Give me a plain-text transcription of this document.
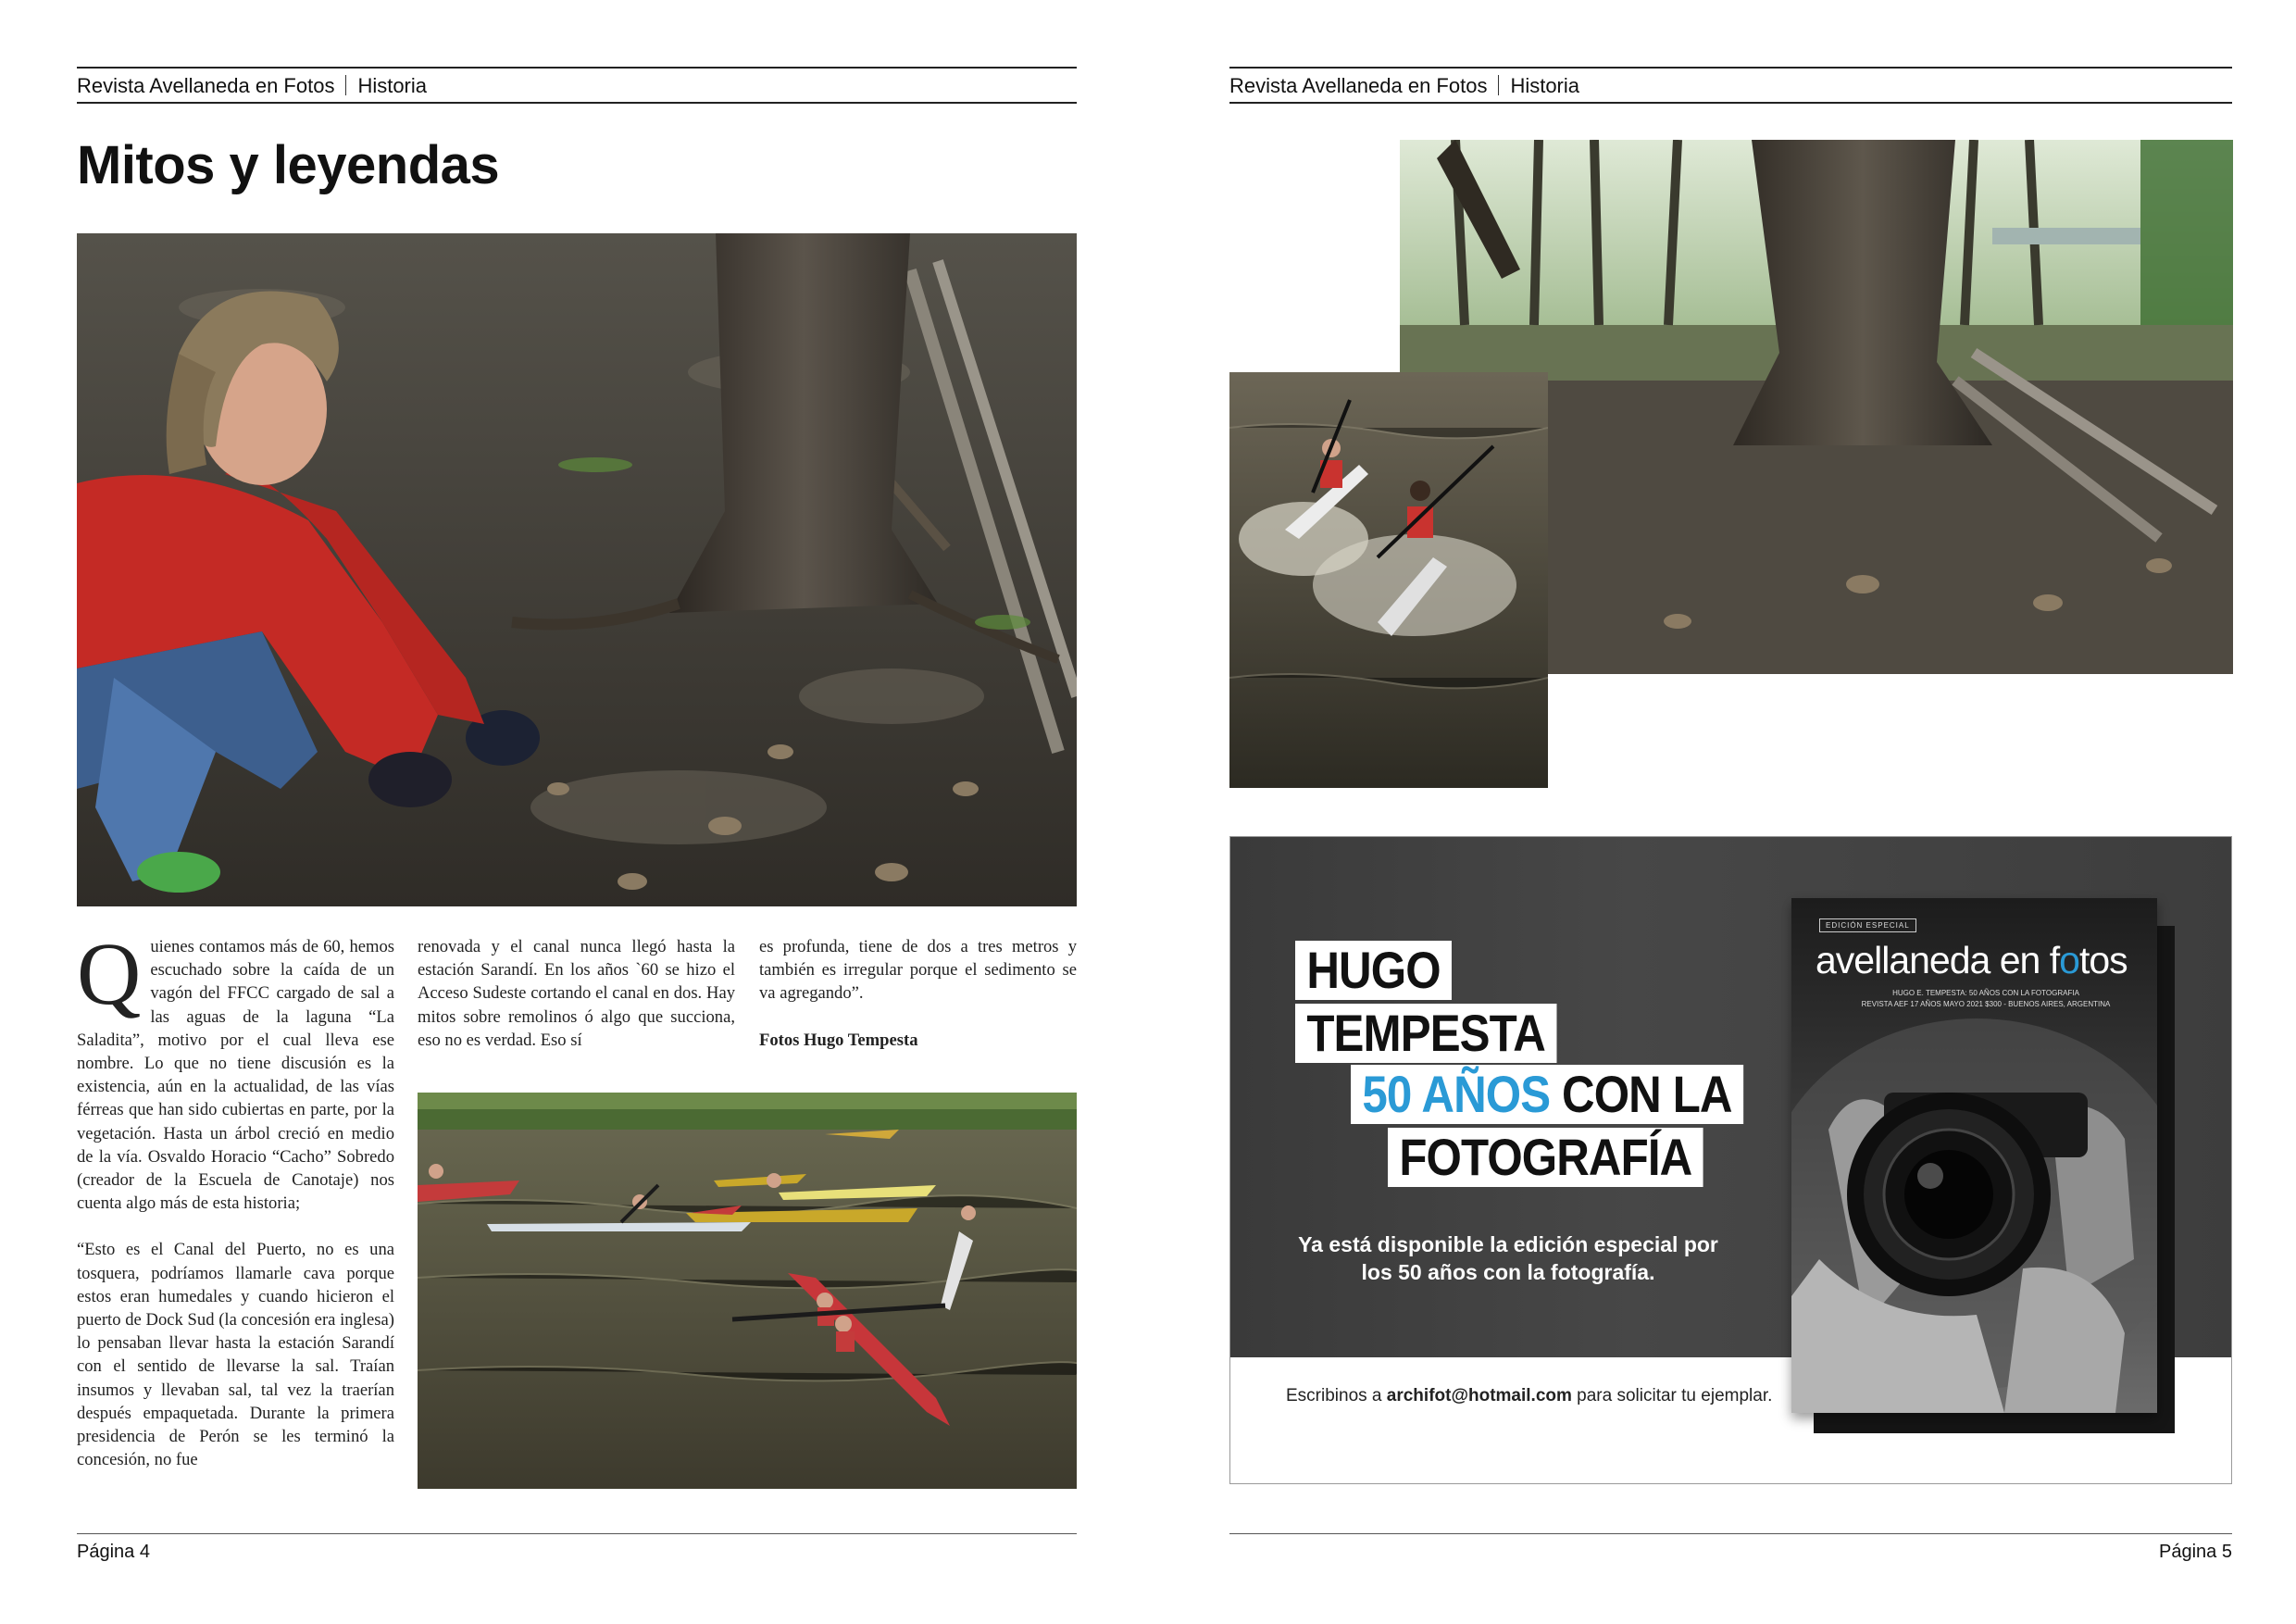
Revista Avellaneda en Fotos Historia
Mitos y leyendas

Quienes contamos más de 60, hemos escuchado sobre la caída de un vagón del FFCC cargado de sal a las aguas de la laguna “La Saladita”, motivo por el cual lleva ese nombre. Lo que no tiene discusión es la existencia, aún en la actualidad, de las vías férreas que han sido cubiertas en parte, por la vegetación. Hasta un árbol creció en medio de la vía. Osvaldo Horacio “Cacho” Sobredo (creador de la Escuela de Canotaje) nos cuenta algo más de esta historia;

“Esto es el Canal del Puerto, no es una tosquera, podríamos llamarle cava porque estos eran humedales y cuando hicieron el puerto de Dock Sud (la concesión era inglesa) lo pensaban llevar hasta la estación Sarandí con el sentido de llevarse la sal. Traían insumos y llevaban sal, tal vez la traerían después empaquetada. Durante la primera presidencia de Perón se les terminó la concesión, no fue

renovada y el canal nunca llegó hasta la estación Sarandí. En los años `60 se hizo el Acceso Sudeste cortando el canal en dos. Hay mitos sobre remolinos ó algo que succiona, eso no es verdad. Eso sí

es profunda, tiene de dos a tres metros y también es irregular porque el sedimento se va agregando”.

Fotos Hugo Tempesta

Página 4
Revista Avellaneda en Fotos Historia
HUGO
TEMPESTA
50 AÑOS CON LA
FOTOGRAFÍA
Ya está disponible la edición especial por
los 50 años con la fotografía.
Escribinos a archifot@hotmail.com para solicitar tu ejemplar.
EDICIÓN ESPECIAL
avellaneda en fotos
HUGO E. TEMPESTA: 50 AÑOS CON LA FOTOGRAFIA
REVISTA AEF 17 AÑOS MAYO 2021 $300 - BUENOS AIRES, ARGENTINA
Página 5
